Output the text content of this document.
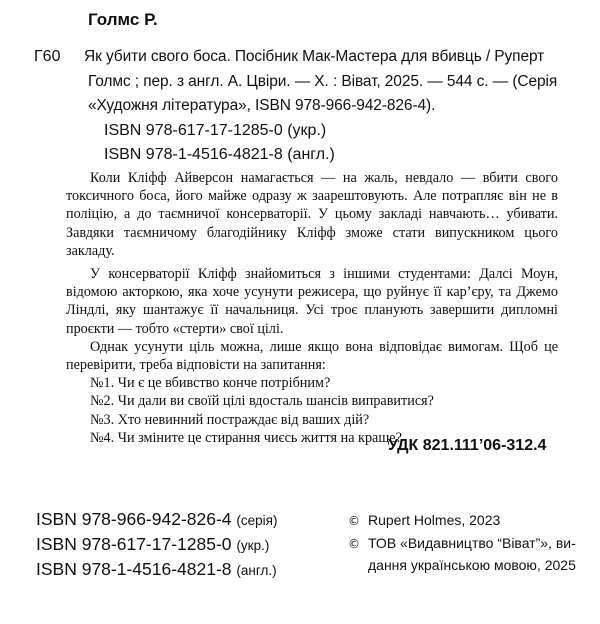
Голмс Р.
Г60 Як убити свого боса. Посібник Мак-Мастера для вбивць / Руперт
Голмс ; пер. з англ. А. Цвіри. — Х. : Віват, 2025. — 544 с. — (Серія
«Художня література», ISBN 978-966-942-826-4).
ISBN 978-617-17-1285-0 (укр.)
ISBN 978-1-4516-4821-8 (англ.)

Коли Кліфф Айверсон намагається — на жаль, невдало — вбити свого токсичного боса, його майже одразу ж заарештовують. Але потрапляє він не в поліцію, а до таємничої консерваторії. У цьому закладі навчають… убивати. Завдяки таємничому благодійнику Кліфф зможе стати випускником цього закладу.

У консерваторії Кліфф знайомиться з іншими студентами: Далсі Моун, відомою акторкою, яка хоче усунути режисера, що руйнує її кар’єру, та Джемо Ліндлі, яку шантажує її начальниця. Усі троє планують завершити дипломні проєкти — тобто «стерти» свої цілі.

Однак усунути ціль можна, лише якщо вона відповідає вимогам. Щоб це перевірити, треба відповісти на запитання:

№1. Чи є це вбивство конче потрібним?

№2. Чи дали ви своїй цілі вдосталь шансів виправитися?

№3. Хто невинний постраждає від ваших дій?

№4. Чи зміните це стирання чиєсь життя на краще?

УДК 821.111’06-312.4
ISBN 978-966-942-826-4 (серія)
ISBN 978-617-17-1285-0 (укр.)
ISBN 978-1-4516-4821-8 (англ.)
© Rupert Holmes, 2023
© ТОВ «Видавництво “Віват”», ви-
дання українською мовою, 2025
